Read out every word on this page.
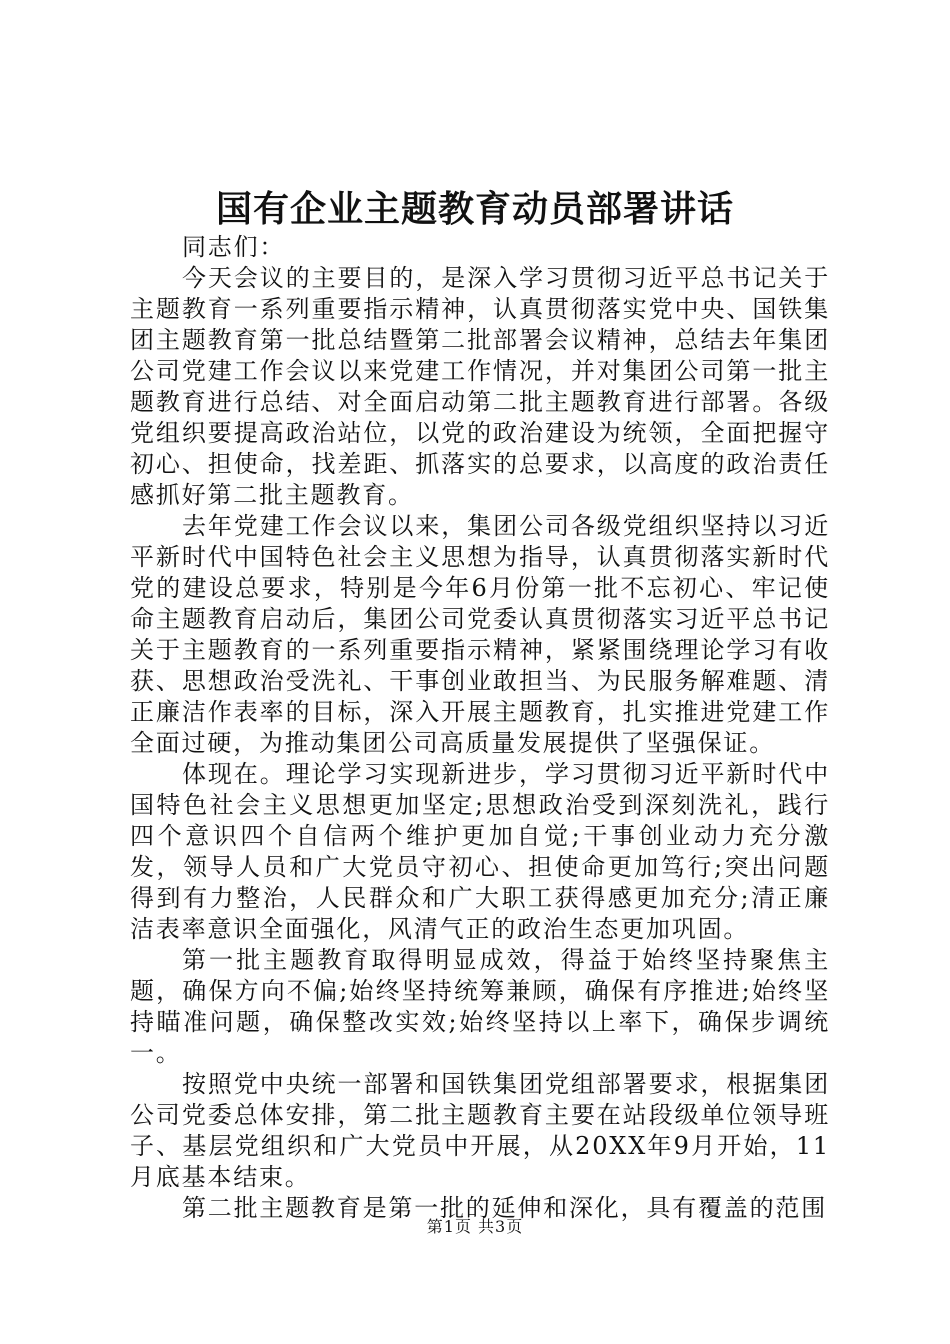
国有企业主题教育动员部署讲话

同志们：

今天会议的主要目的，是深入学习贯彻习近平总书记关于主题教育一系列重要指示精神，认真贯彻落实党中央、国铁集团主题教育第一批总结暨第二批部署会议精神，总结去年集团公司党建工作会议以来党建工作情况，并对集团公司第一批主题教育进行总结、对全面启动第二批主题教育进行部署。各级党组织要提高政治站位，以党的政治建设为统领，全面把握守初心、担使命，找差距、抓落实的总要求，以高度的政治责任感抓好第二批主题教育。

去年党建工作会议以来，集团公司各级党组织坚持以习近平新时代中国特色社会主义思想为指导，认真贯彻落实新时代党的建设总要求，特别是今年6月份第一批不忘初心、牢记使命主题教育启动后，集团公司党委认真贯彻落实习近平总书记关于主题教育的一系列重要指示精神，紧紧围绕理论学习有收获、思想政治受洗礼、干事创业敢担当、为民服务解难题、清正廉洁作表率的目标，深入开展主题教育，扎实推进党建工作全面过硬，为推动集团公司高质量发展提供了坚强保证。

体现在。理论学习实现新进步，学习贯彻习近平新时代中国特色社会主义思想更加坚定;思想政治受到深刻洗礼，践行四个意识四个自信两个维护更加自觉;干事创业动力充分激发，领导人员和广大党员守初心、担使命更加笃行;突出问题得到有力整治，人民群众和广大职工获得感更加充分;清正廉洁表率意识全面强化，风清气正的政治生态更加巩固。

第一批主题教育取得明显成效，得益于始终坚持聚焦主题，确保方向不偏;始终坚持统筹兼顾，确保有序推进;始终坚持瞄准问题，确保整改实效;始终坚持以上率下，确保步调统一。

按照党中央统一部署和国铁集团党组部署要求，根据集团公司党委总体安排，第二批主题教育主要在站段级单位领导班子、基层党组织和广大党员中开展，从20XX年9月开始，11月底基本结束。

第二批主题教育是第一批的延伸和深化，具有覆盖的范围

第1页 共3页
